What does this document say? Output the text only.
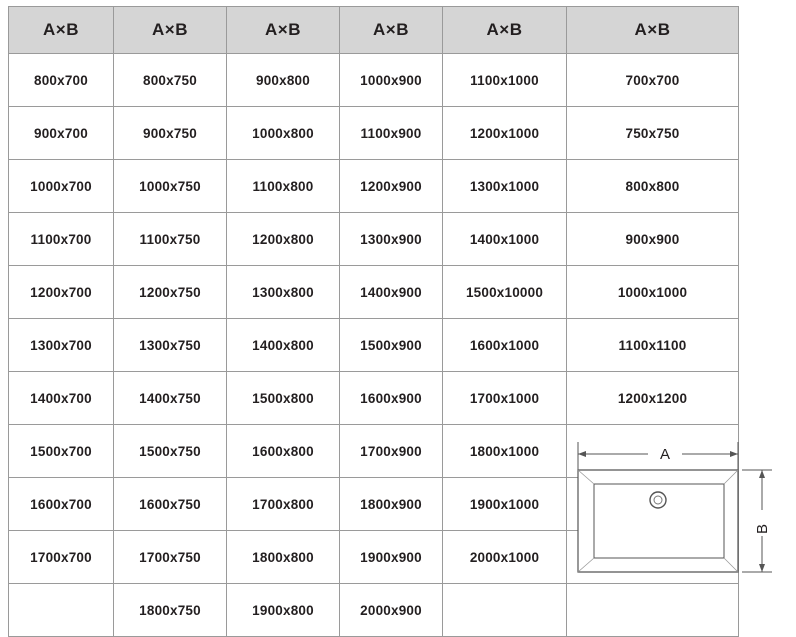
A×B	A×B	A×B	A×B	A×B	A×B
800x700	800x750	900x800	1000x900	1100x1000	700x700
900x700	900x750	1000x800	1100x900	1200x1000	750x750
1000x700	1000x750	1100x800	1200x900	1300x1000	800x800
1100x700	1100x750	1200x800	1300x900	1400x1000	900x900
1200x700	1200x750	1300x800	1400x900	1500x10000	1000x1000
1300x700	1300x750	1400x800	1500x900	1600x1000	1100x1100
1400x700	1400x750	1500x800	1600x900	1700x1000	1200x1200
1500x700	1500x750	1600x800	1700x900	1800x1000	
1600x700	1600x750	1700x800	1800x900	1900x1000	
1700x700	1700x750	1800x800	1900x900	2000x1000	
	1800x750	1900x800	2000x900		
A
B
